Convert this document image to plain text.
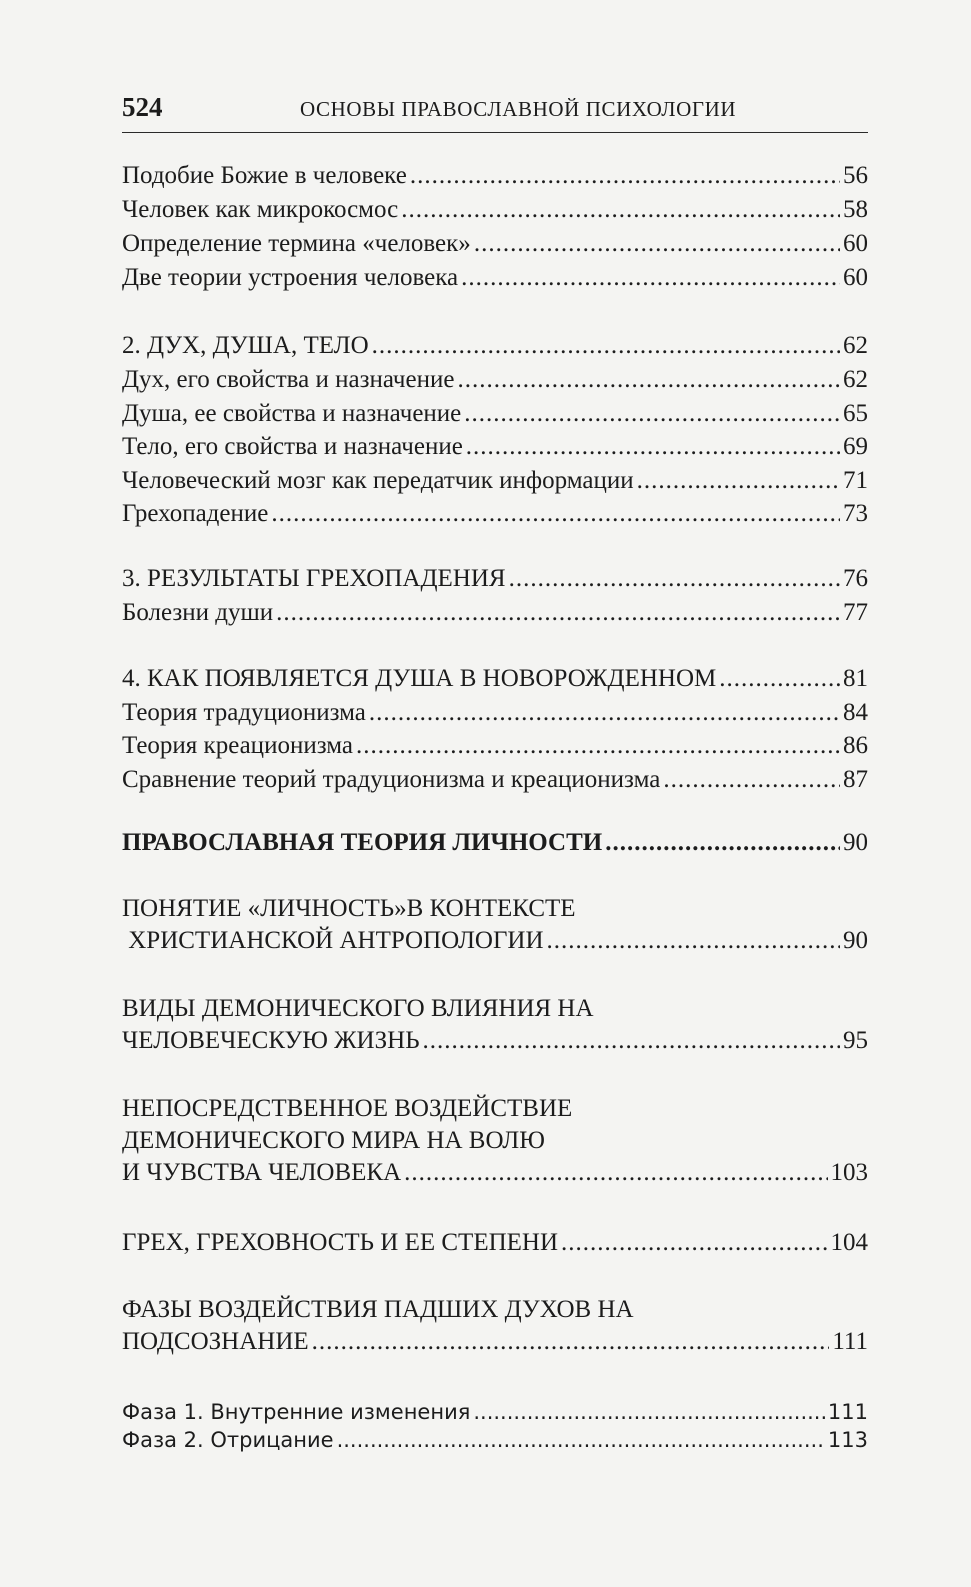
524	ОСНОВЫ ПРАВОСЛАВНОЙ ПСИХОЛОГИИ

Подобие Божие в человеке .....	56
Человек как микрокосмос .....	58
Определение термина «человек» .....	60
Две теории устроения человека .....	60
2. ДУХ, ДУША, ТЕЛО .....	62
Дух, его свойства и назначение .....	62
Душа, ее свойства и назначение .....	65
Тело, его свойства и назначение .....	69
Человеческий мозг как передатчик информации .....	71
Грехопадение .....	73
3. РЕЗУЛЬТАТЫ ГРЕХОПАДЕНИЯ .....	76
Болезни души .....	77
4. КАК ПОЯВЛЯЕТСЯ ДУША В НОВОРОЖДЕННОМ .....	81
Теория традуционизма .....	84
Теория креационизма .....	86
Сравнение теорий традуционизма и креационизма .....	87
ПРАВОСЛАВНАЯ ТЕОРИЯ ЛИЧНОСТИ .....	90
ПОНЯТИЕ «ЛИЧНОСТЬ»В КОНТЕКСТЕ
ХРИСТИАНСКОЙ АНТРОПОЛОГИИ .....	90
ВИДЫ ДЕМОНИЧЕСКОГО ВЛИЯНИЯ НА
ЧЕЛОВЕЧЕСКУЮ ЖИЗНЬ .....	95
НЕПОСРЕДСТВЕННОЕ ВОЗДЕЙСТВИЕ
ДЕМОНИЧЕСКОГО МИРА НА ВОЛЮ
И ЧУВСТВА ЧЕЛОВЕКА .....	103
ГРЕХ, ГРЕХОВНОСТЬ И ЕЕ СТЕПЕНИ .....	104
ФАЗЫ ВОЗДЕЙСТВИЯ ПАДШИХ ДУХОВ НА
ПОДСОЗНАНИЕ .....	111
Фаза 1. Внутренние изменения .....	111
Фаза 2. Отрицание .....	113
